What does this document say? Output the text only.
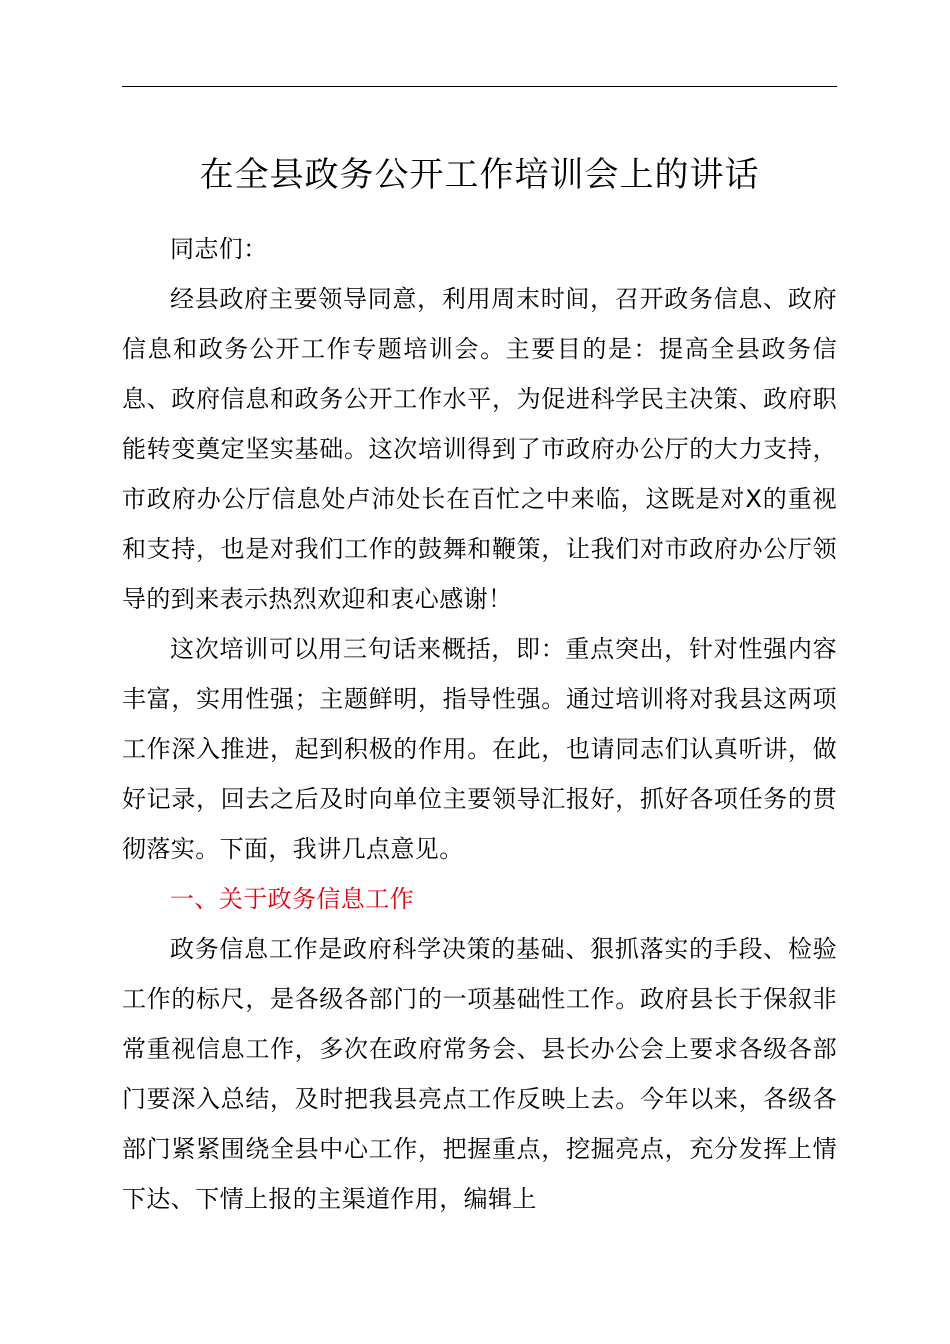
在全县政务公开工作培训会上的讲话

同志们：

经县政府主要领导同意，利用周末时间，召开政务信息、政府信息和政务公开工作专题培训会。主要目的是：提高全县政务信息、政府信息和政务公开工作水平，为促进科学民主决策、政府职能转变奠定坚实基础。这次培训得到了市政府办公厅的大力支持，市政府办公厅信息处卢沛处长在百忙之中来临，这既是对X的重视和支持，也是对我们工作的鼓舞和鞭策，让我们对市政府办公厅领导的到来表示热烈欢迎和衷心感谢！

这次培训可以用三句话来概括，即：重点突出，针对性强内容丰富，实用性强；主题鲜明，指导性强。通过培训将对我县这两项工作深入推进，起到积极的作用。在此，也请同志们认真听讲，做好记录，回去之后及时向单位主要领导汇报好，抓好各项任务的贯彻落实。下面，我讲几点意见。

一、关于政务信息工作

政务信息工作是政府科学决策的基础、狠抓落实的手段、检验工作的标尺，是各级各部门的一项基础性工作。政府县长于保叙非常重视信息工作，多次在政府常务会、县长办公会上要求各级各部门要深入总结，及时把我县亮点工作反映上去。今年以来，各级各部门紧紧围绕全县中心工作，把握重点，挖掘亮点，充分发挥上情下达、下情上报的主渠道作用，编辑上
